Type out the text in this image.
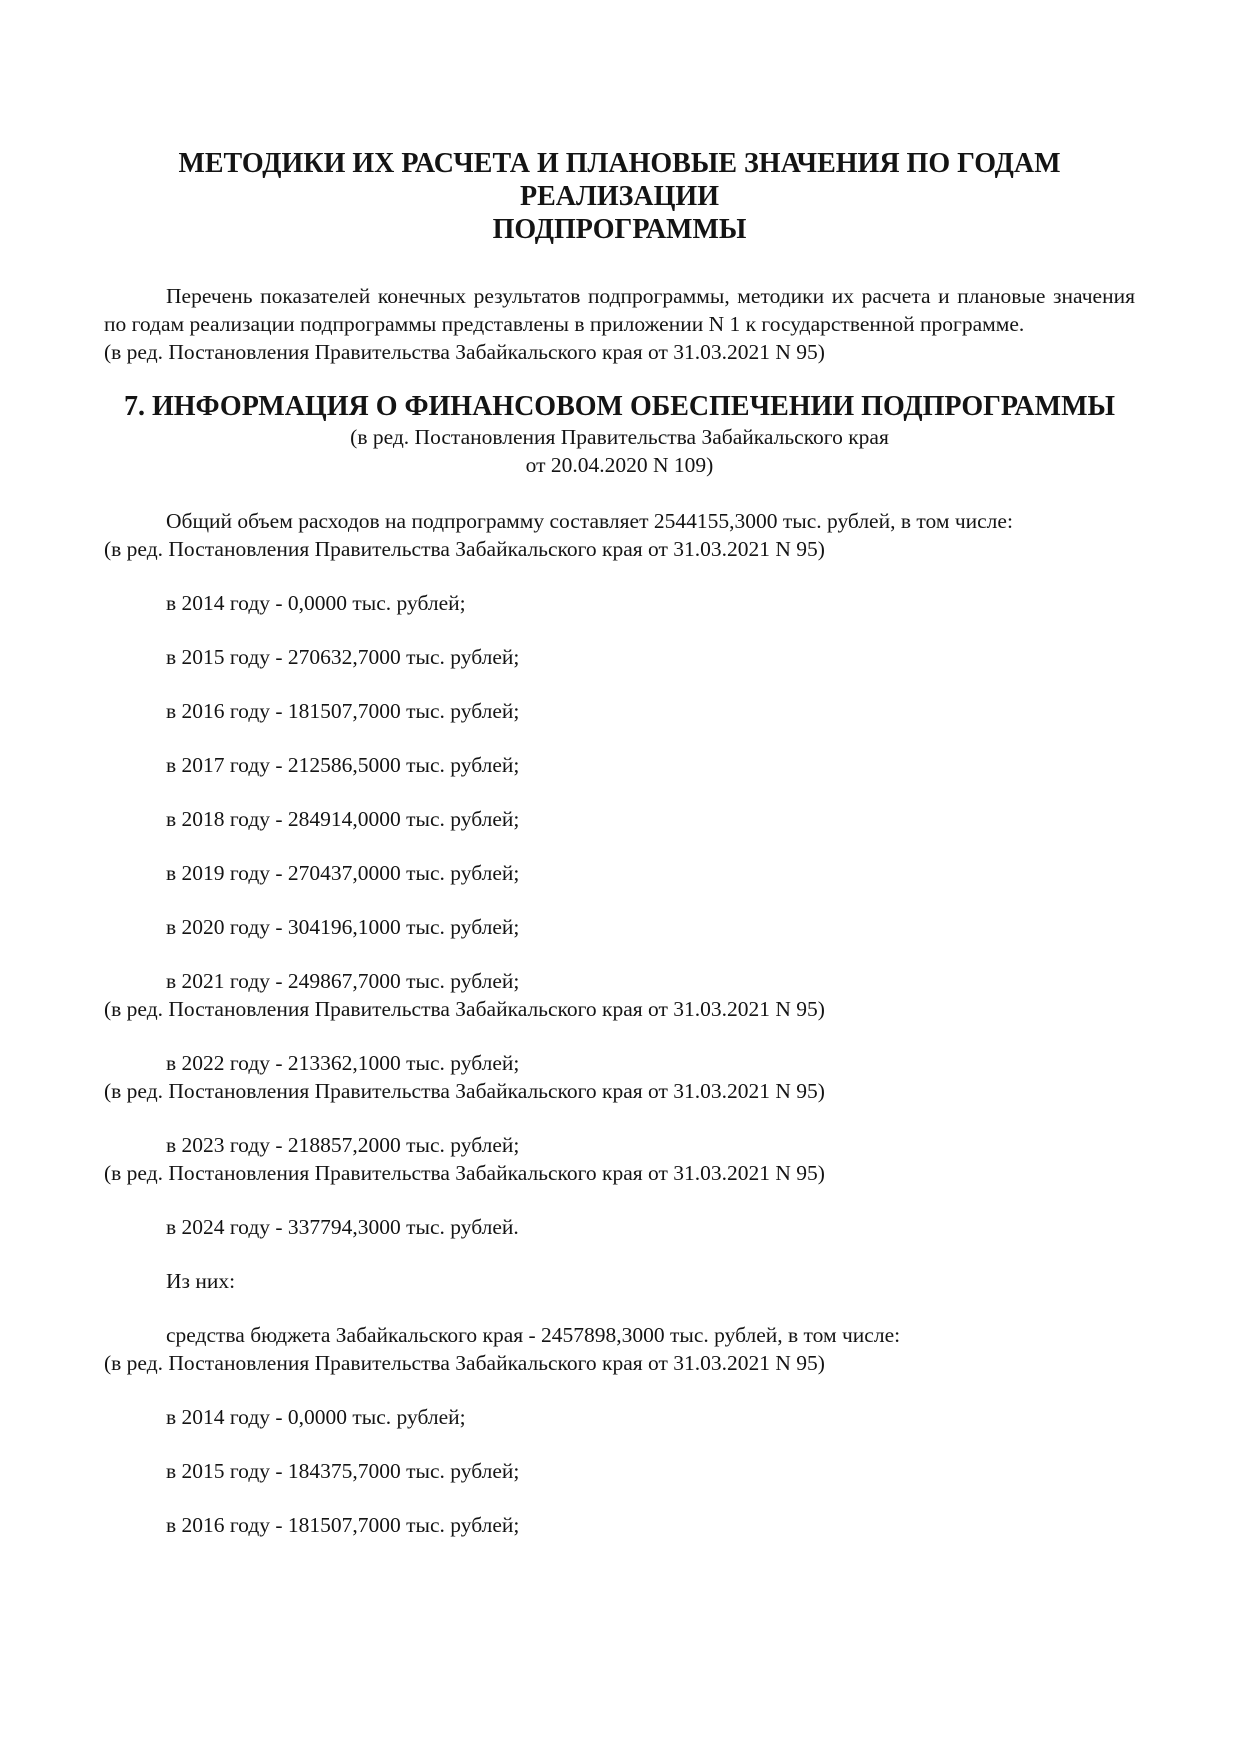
МЕТОДИКИ ИХ РАСЧЕТА И ПЛАНОВЫЕ ЗНАЧЕНИЯ ПО ГОДАМ
РЕАЛИЗАЦИИ
ПОДПРОГРАММЫ

Перечень показателей конечных результатов подпрограммы, методики их расчета и плановые значения по годам реализации подпрограммы представлены в приложении N 1 к государственной программе.

(в ред. Постановления Правительства Забайкальского края от 31.03.2021 N 95)

7. ИНФОРМАЦИЯ О ФИНАНСОВОМ ОБЕСПЕЧЕНИИ ПОДПРОГРАММЫ

(в ред. Постановления Правительства Забайкальского края

от 20.04.2020 N 109)

Общий объем расходов на подпрограмму составляет 2544155,3000 тыс. рублей, в том числе:

(в ред. Постановления Правительства Забайкальского края от 31.03.2021 N 95)

в 2014 году - 0,0000 тыс. рублей;

в 2015 году - 270632,7000 тыс. рублей;

в 2016 году - 181507,7000 тыс. рублей;

в 2017 году - 212586,5000 тыс. рублей;

в 2018 году - 284914,0000 тыс. рублей;

в 2019 году - 270437,0000 тыс. рублей;

в 2020 году - 304196,1000 тыс. рублей;

в 2021 году - 249867,7000 тыс. рублей;

(в ред. Постановления Правительства Забайкальского края от 31.03.2021 N 95)

в 2022 году - 213362,1000 тыс. рублей;

(в ред. Постановления Правительства Забайкальского края от 31.03.2021 N 95)

в 2023 году - 218857,2000 тыс. рублей;

(в ред. Постановления Правительства Забайкальского края от 31.03.2021 N 95)

в 2024 году - 337794,3000 тыс. рублей.

Из них:

средства бюджета Забайкальского края - 2457898,3000 тыс. рублей, в том числе:

(в ред. Постановления Правительства Забайкальского края от 31.03.2021 N 95)

в 2014 году - 0,0000 тыс. рублей;

в 2015 году - 184375,7000 тыс. рублей;

в 2016 году - 181507,7000 тыс. рублей;
